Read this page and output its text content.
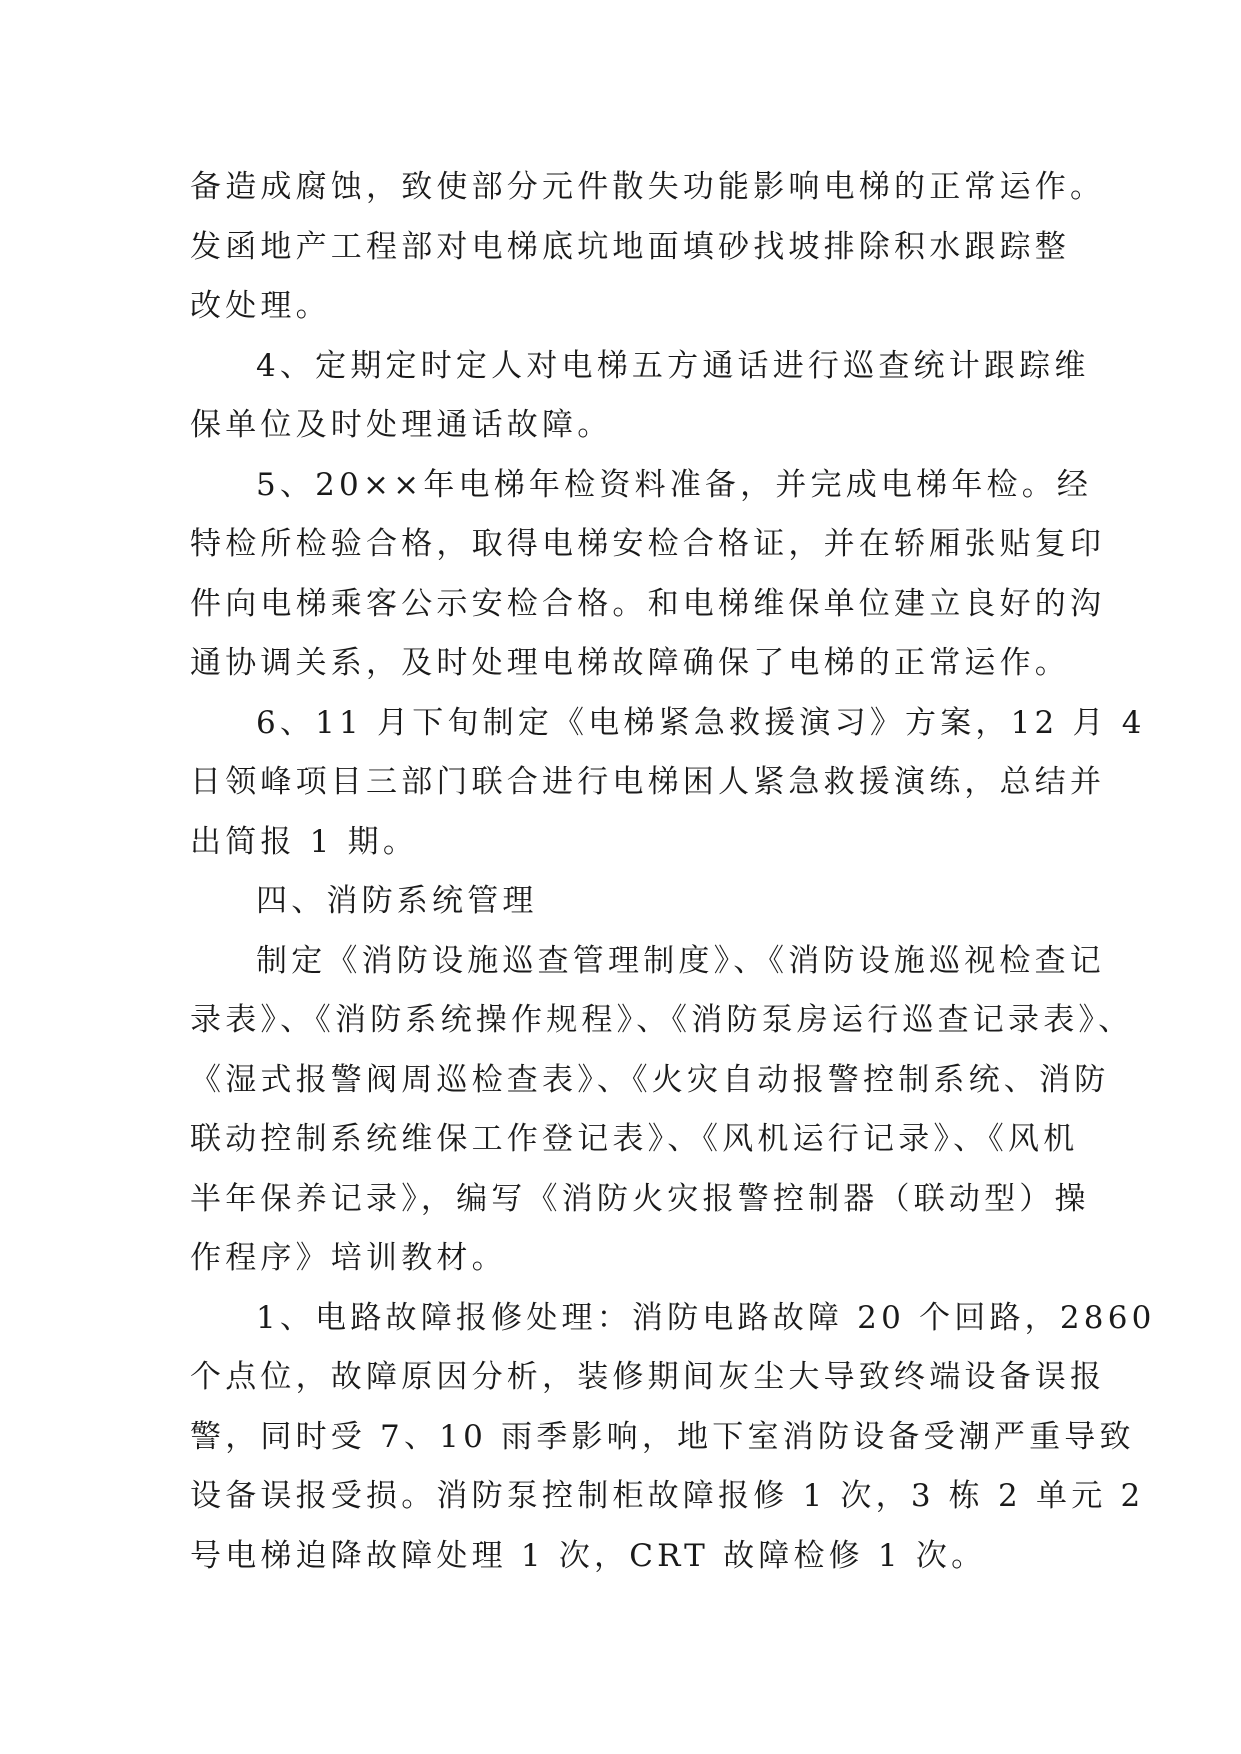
备造成腐蚀，致使部分元件散失功能影响电梯的正常运作。
发函地产工程部对电梯底坑地面填砂找坡排除积水跟踪整
改处理。
4、定期定时定人对电梯五方通话进行巡查统计跟踪维
保单位及时处理通话故障。
5、20××年电梯年检资料准备，并完成电梯年检。经
特检所检验合格，取得电梯安检合格证，并在轿厢张贴复印
件向电梯乘客公示安检合格。和电梯维保单位建立良好的沟
通协调关系，及时处理电梯故障确保了电梯的正常运作。
6、11 月下旬制定《电梯紧急救援演习》方案，12 月 4
日领峰项目三部门联合进行电梯困人紧急救援演练，总结并
出简报 1 期。
四、消防系统管理
制定《消防设施巡查管理制度》、《消防设施巡视检查记
录表》、《消防系统操作规程》、《消防泵房运行巡查记录表》、
《湿式报警阀周巡检查表》、《火灾自动报警控制系统、消防
联动控制系统维保工作登记表》、《风机运行记录》、《风机
半年保养记录》，编写《消防火灾报警控制器（联动型）操
作程序》培训教材。
1、电路故障报修处理：消防电路故障 20 个回路，2860
个点位，故障原因分析，装修期间灰尘大导致终端设备误报
警，同时受 7、10 雨季影响，地下室消防设备受潮严重导致
设备误报受损。消防泵控制柜故障报修 1 次，3 栋 2 单元 2
号电梯迫降故障处理 1 次，CRT 故障检修 1 次。
